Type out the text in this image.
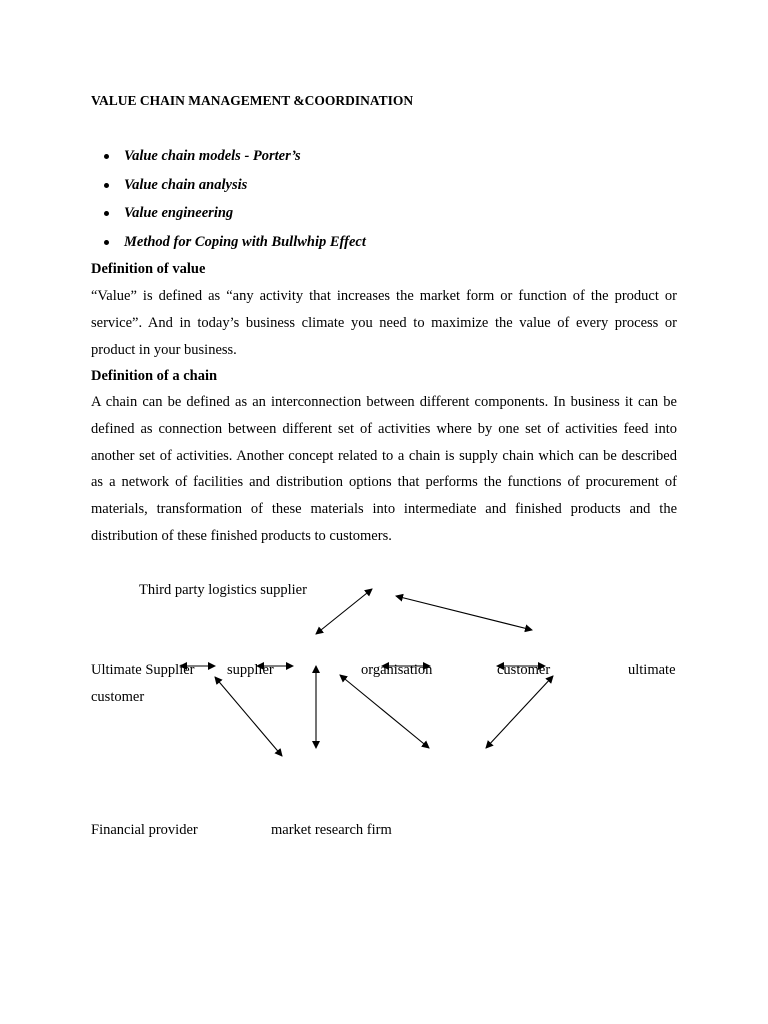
VALUE CHAIN MANAGEMENT &COORDINATION
Value chain models - Porter’s
Value chain analysis
Value engineering
Method for Coping with Bullwhip Effect
Definition of value

“Value” is defined as “any activity that increases the market form or function of the product or service”. And in today’s business climate you need to maximize the value of every process or product in your business.

Definition of a chain

A chain can be defined as an interconnection between different components. In business it can be defined as connection between different set of activities where by one set of activities feed into another set of activities. Another concept related to a chain is supply chain which can be described as a network of facilities and distribution options that performs the functions of procurement of materials, transformation of these materials into intermediate and finished products and the distribution of these finished products to customers.

Third party logistics supplier
Ultimate Supplier supplier	organisation	customer	ultimate
customer
Financial provider	market research firm
